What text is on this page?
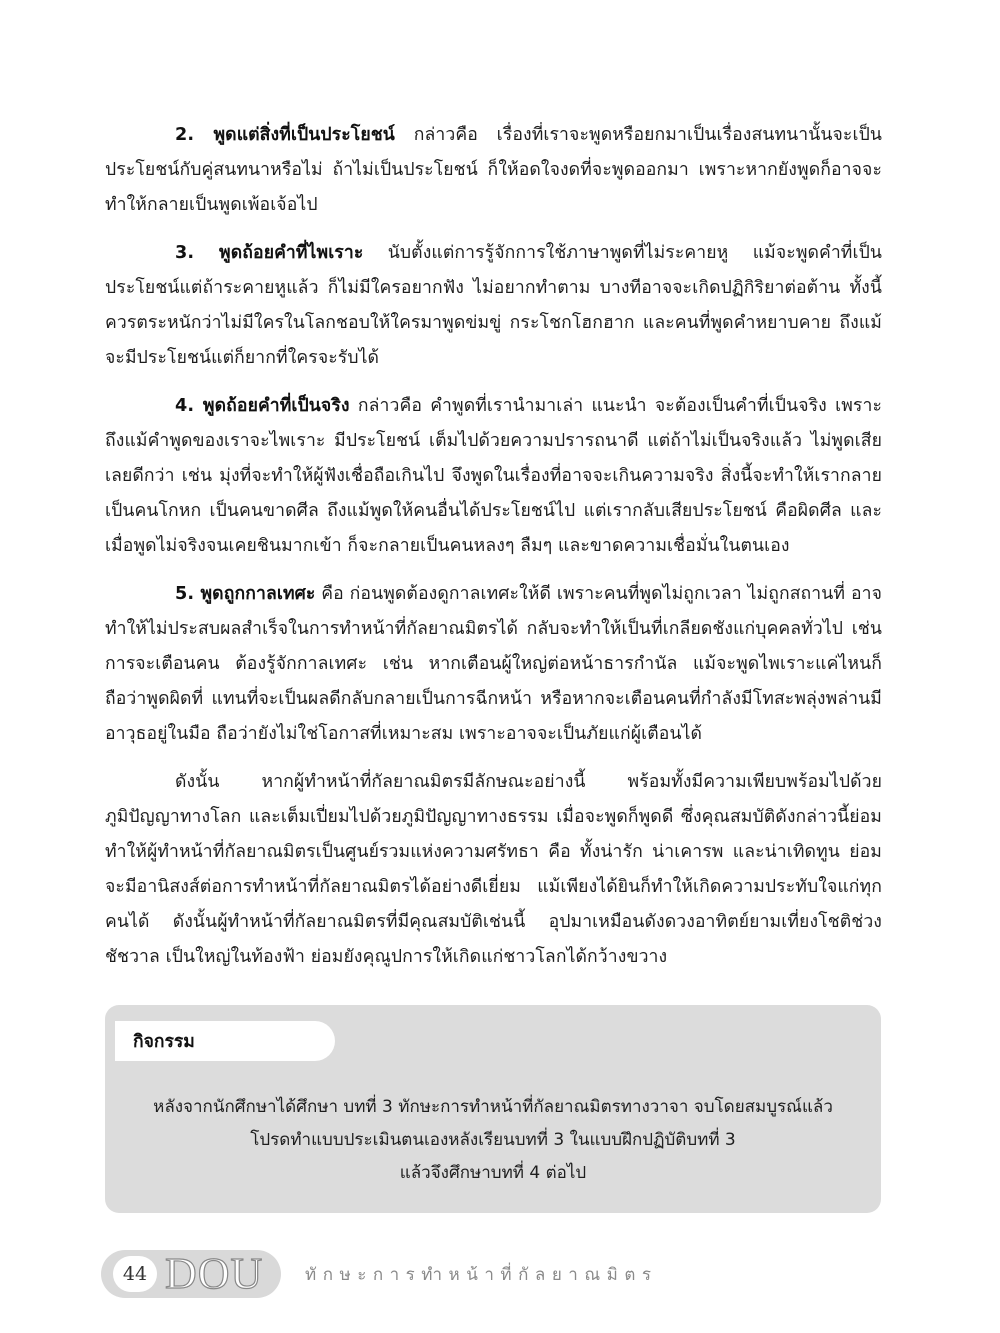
2. พูดแต่สิ่งที่เป็นประโยชน์ กล่าวคือ เรื่องที่เราจะพูดหรือยกมาเป็นเรื่องสนทนานั้นจะเป็นประโยชน์กับคู่สนทนาหรือไม่ ถ้าไม่เป็นประโยชน์ ก็ให้อดใจงดที่จะพูดออกมา เพราะหากยังพูดก็อาจจะทำให้กลายเป็นพูดเพ้อเจ้อไป

3. พูดถ้อยคำที่ไพเราะ นับตั้งแต่การรู้จักการใช้ภาษาพูดที่ไม่ระคายหู แม้จะพูดคำที่เป็นประโยชน์แต่ถ้าระคายหูแล้ว ก็ไม่มีใครอยากฟัง ไม่อยากทำตาม บางทีอาจจะเกิดปฏิกิริยาต่อต้าน ทั้งนี้ควรตระหนักว่าไม่มีใครในโลกชอบให้ใครมาพูดข่มขู่ กระโชกโฮกฮาก และคนที่พูดคำหยาบคาย ถึงแม้จะมีประโยชน์แต่ก็ยากที่ใครจะรับได้

4. พูดถ้อยคำที่เป็นจริง กล่าวคือ คำพูดที่เรานำมาเล่า แนะนำ จะต้องเป็นคำที่เป็นจริง เพราะถึงแม้คำพูดของเราจะไพเราะ มีประโยชน์ เต็มไปด้วยความปรารถนาดี แต่ถ้าไม่เป็นจริงแล้ว ไม่พูดเสียเลยดีกว่า เช่น มุ่งที่จะทำให้ผู้ฟังเชื่อถือเกินไป จึงพูดในเรื่องที่อาจจะเกินความจริง สิ่งนี้จะทำให้เรากลายเป็นคนโกหก เป็นคนขาดศีล ถึงแม้พูดให้คนอื่นได้ประโยชน์ไป แต่เรากลับเสียประโยชน์ คือผิดศีล และเมื่อพูดไม่จริงจนเคยชินมากเข้า ก็จะกลายเป็นคนหลงๆ ลืมๆ และขาดความเชื่อมั่นในตนเอง

5. พูดถูกกาลเทศะ คือ ก่อนพูดต้องดูกาลเทศะให้ดี เพราะคนที่พูดไม่ถูกเวลา ไม่ถูกสถานที่ อาจทำให้ไม่ประสบผลสำเร็จในการทำหน้าที่กัลยาณมิตรได้ กลับจะทำให้เป็นที่เกลียดชังแก่บุคคลทั่วไป เช่น การจะเตือนคน ต้องรู้จักกาลเทศะ เช่น หากเตือนผู้ใหญ่ต่อหน้าธารกำนัล แม้จะพูดไพเราะแค่ไหนก็ถือว่าพูดผิดที่ แทนที่จะเป็นผลดีกลับกลายเป็นการฉีกหน้า หรือหากจะเตือนคนที่กำลังมีโทสะพลุ่งพล่านมีอาวุธอยู่ในมือ ถือว่ายังไม่ใช่โอกาสที่เหมาะสม เพราะอาจจะเป็นภัยแก่ผู้เตือนได้

ดังนั้น หากผู้ทำหน้าที่กัลยาณมิตรมีลักษณะอย่างนี้ พร้อมทั้งมีความเพียบพร้อมไปด้วยภูมิปัญญาทางโลก และเต็มเปี่ยมไปด้วยภูมิปัญญาทางธรรม เมื่อจะพูดก็พูดดี ซึ่งคุณสมบัติดังกล่าวนี้ย่อมทำให้ผู้ทำหน้าที่กัลยาณมิตรเป็นศูนย์รวมแห่งความศรัทธา คือ ทั้งน่ารัก น่าเคารพ และน่าเทิดทูน ย่อมจะมีอานิสงส์ต่อการทำหน้าที่กัลยาณมิตรได้อย่างดีเยี่ยม แม้เพียงได้ยินก็ทำให้เกิดความประทับใจแก่ทุกคนได้ ดังนั้นผู้ทำหน้าที่กัลยาณมิตรที่มีคุณสมบัติเช่นนี้ อุปมาเหมือนดังดวงอาทิตย์ยามเที่ยงโชติช่วงชัชวาล เป็นใหญ่ในท้องฟ้า ย่อมยังคุณูปการให้เกิดแก่ชาวโลกได้กว้างขวาง

กิจกรรม
หลังจากนักศึกษาได้ศึกษา บทที่ 3 ทักษะการทำหน้าที่กัลยาณมิตรทางวาจา จบโดยสมบูรณ์แล้ว
โปรดทำแบบประเมินตนเองหลังเรียนบทที่ 3 ในแบบฝึกปฏิบัติบทที่ 3
แล้วจึงศึกษาบทที่ 4 ต่อไป
44 DOU ทักษะการทำหน้าที่กัลยาณมิตร
